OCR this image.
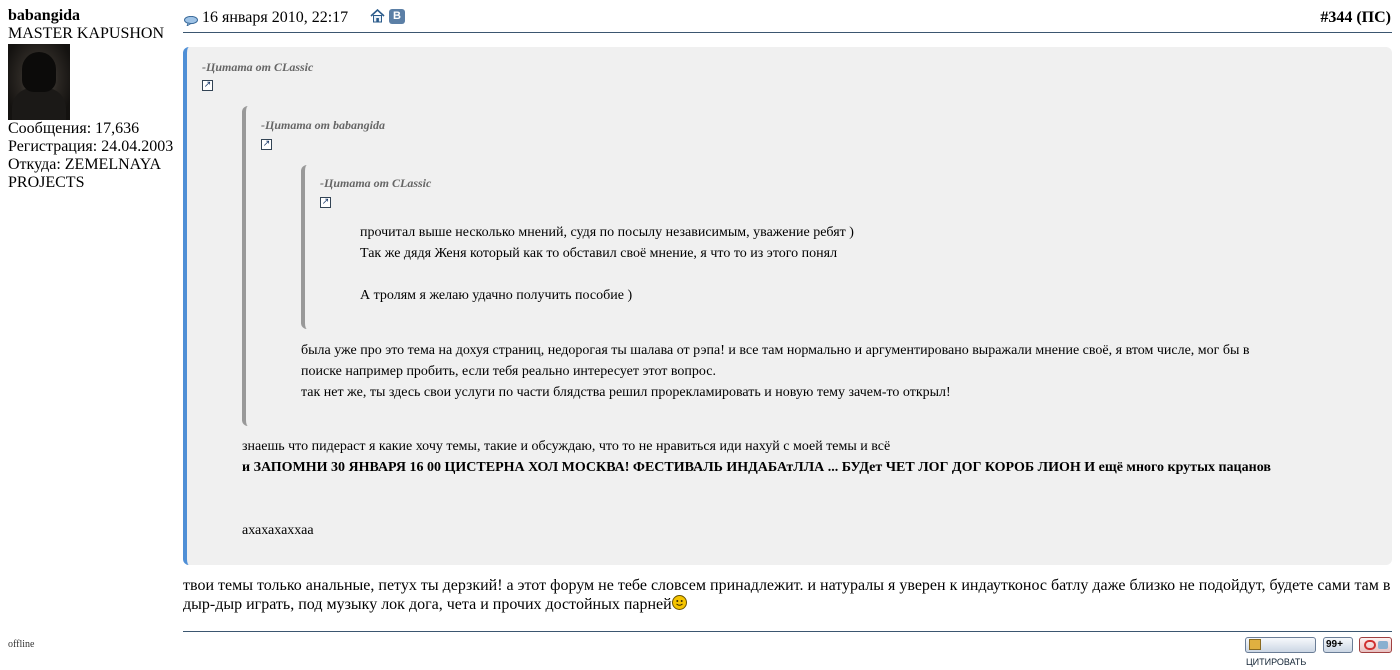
babangida
MASTER KAPUSHON
Сообщения: 17,636
Регистрация: 24.04.2003
Откуда: ZEMELNAYA
PROJECTS
offline
16 января 2010, 22:17	В	#344 (ПС)
-Цитата от CLassic
↗
знаешь что пидераст я какие хочу темы, такие и обсуждаю, что то не нравиться иди нахуй с моей темы и всё
и ЗАПОМНИ 30 ЯНВАРЯ 16 00 ЦИСТЕРНА ХОЛ МОСКВА! ФЕСТИВАЛЬ ИНДАБАтЛЛА ... БУДет ЧЕТ ЛОГ ДОГ КОРОБ ЛИОН И ещё много крутых пацанов
ахахахаххаа
-Цитата от babangida
↗
была уже про это тема на дохуя страниц, недорогая ты шалава от рэпа! и все там нормально и аргументировано выражали мнение своё, я втом числе, мог бы в
поиске например пробить, если тебя реально интересует этот вопрос.
так нет же, ты здесь свои услуги по части блядства решил прорекламировать и новую тему зачем-то открыл!
-Цитата от CLassic
↗
прочитал выше несколько мнений, судя по посылу независимым, уважение ребят )
Так же дядя Женя который как то обставил своё мнение, я что то из этого понял
А тролям я желаю удачно получить пособие )
твои темы только анальные, петух ты дерзкий! а этот форум не тебе словсем принадлежит. и натуралы я уверен к индаутконос батлу даже близко не подойдут, будете сами там в дыр-дыр играть, под музыку лок дога, чета и прочих достойных парней
ЦИТИРОВАТЬ
99+
